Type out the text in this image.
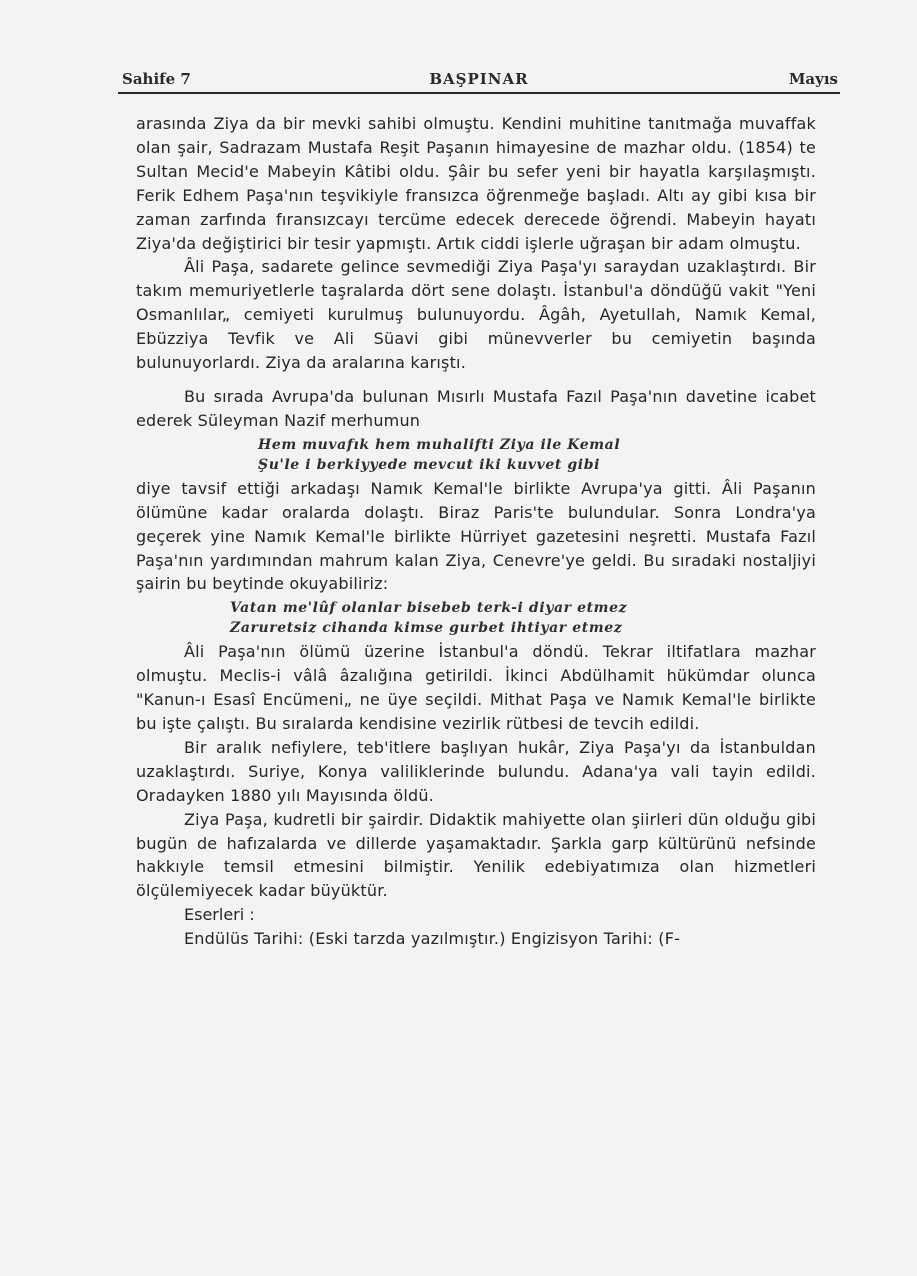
Sahife 7	BAŞPINAR	Mayıs

arasında Ziya da bir mevki sahibi olmuştu. Kendini muhitine tanıtmağa muvaffak olan şair, Sadrazam Mustafa Reşit Paşanın himayesine de mazhar oldu. (1854) te Sultan Mecid'e Mabeyin Kâtibi oldu. Şâir bu sefer yeni bir hayatla karşılaşmıştı. Ferik Edhem Paşa'nın teşvikiyle fransızca öğrenmeğe başladı. Altı ay gibi kısa bir zaman zarfında fıransızcayı tercüme edecek derecede öğrendi. Mabeyin hayatı Ziya'da değiştirici bir tesir yapmıştı. Artık ciddi işlerle uğraşan bir adam olmuştu.

Âli Paşa, sadarete gelince sevmediği Ziya Paşa'yı saraydan uzaklaştırdı. Bir takım memuriyetlerle taşralarda dört sene dolaştı. İstanbul'a döndüğü vakit "Yeni Osmanlılar„ cemiyeti kurulmuş bulunuyordu. Âgâh, Ayetullah, Namık Kemal, Ebüzziya Tevfik ve Ali Süavi gibi münevverler bu cemiyetin başında bulunuyorlardı. Ziya da aralarına karıştı.

Bu sırada Avrupa'da bulunan Mısırlı Mustafa Fazıl Paşa'nın davetine icabet ederek Süleyman Nazif merhumun

Hem muvafık hem muhalifti Ziya ile Kemal
Şu'le i berkiyyede mevcut iki kuvvet gibi

diye tavsif ettiği arkadaşı Namık Kemal'le birlikte Avrupa'ya gitti. Âli Paşanın ölümüne kadar oralarda dolaştı. Biraz Paris'te bulundular. Sonra Londra'ya geçerek yine Namık Kemal'le birlikte Hürriyet gazetesini neşretti. Mustafa Fazıl Paşa'nın yardımından mahrum kalan Ziya, Cenevre'ye geldi. Bu sıradaki nostaljiyi şairin bu beytinde okuyabiliriz:

Vatan me'lûf olanlar bisebeb terk-i diyar etmez
Zaruretsiz cihanda kimse gurbet ihtiyar etmez

Âli Paşa'nın ölümü üzerine İstanbul'a döndü. Tekrar iltifatlara mazhar olmuştu. Meclis-i vâlâ âzalığına getirildi. İkinci Abdülhamit hükümdar olunca "Kanun-ı Esasî Encümeni„ ne üye seçildi. Mithat Paşa ve Namık Kemal'le birlikte bu işte çalıştı. Bu sıralarda kendisine vezirlik rütbesi de tevcih edildi.

Bir aralık nefiylere, teb'itlere başlıyan hukâr, Ziya Paşa'yı da İstanbuldan uzaklaştırdı. Suriye, Konya valiliklerinde bulundu. Adana'ya vali tayin edildi. Oradayken 1880 yılı Mayısında öldü.

Ziya Paşa, kudretli bir şairdir. Didaktik mahiyette olan şiirleri dün olduğu gibi bugün de hafızalarda ve dillerde yaşamaktadır. Şarkla garp kültürünü nefsinde hakkıyle temsil etmesini bilmiştir. Yenilik edebiyatımıza olan hizmetleri ölçülemiyecek kadar büyüktür.

Eserleri :

Endülüs Tarihi: (Eski tarzda yazılmıştır.) Engizisyon Tarihi: (F-
